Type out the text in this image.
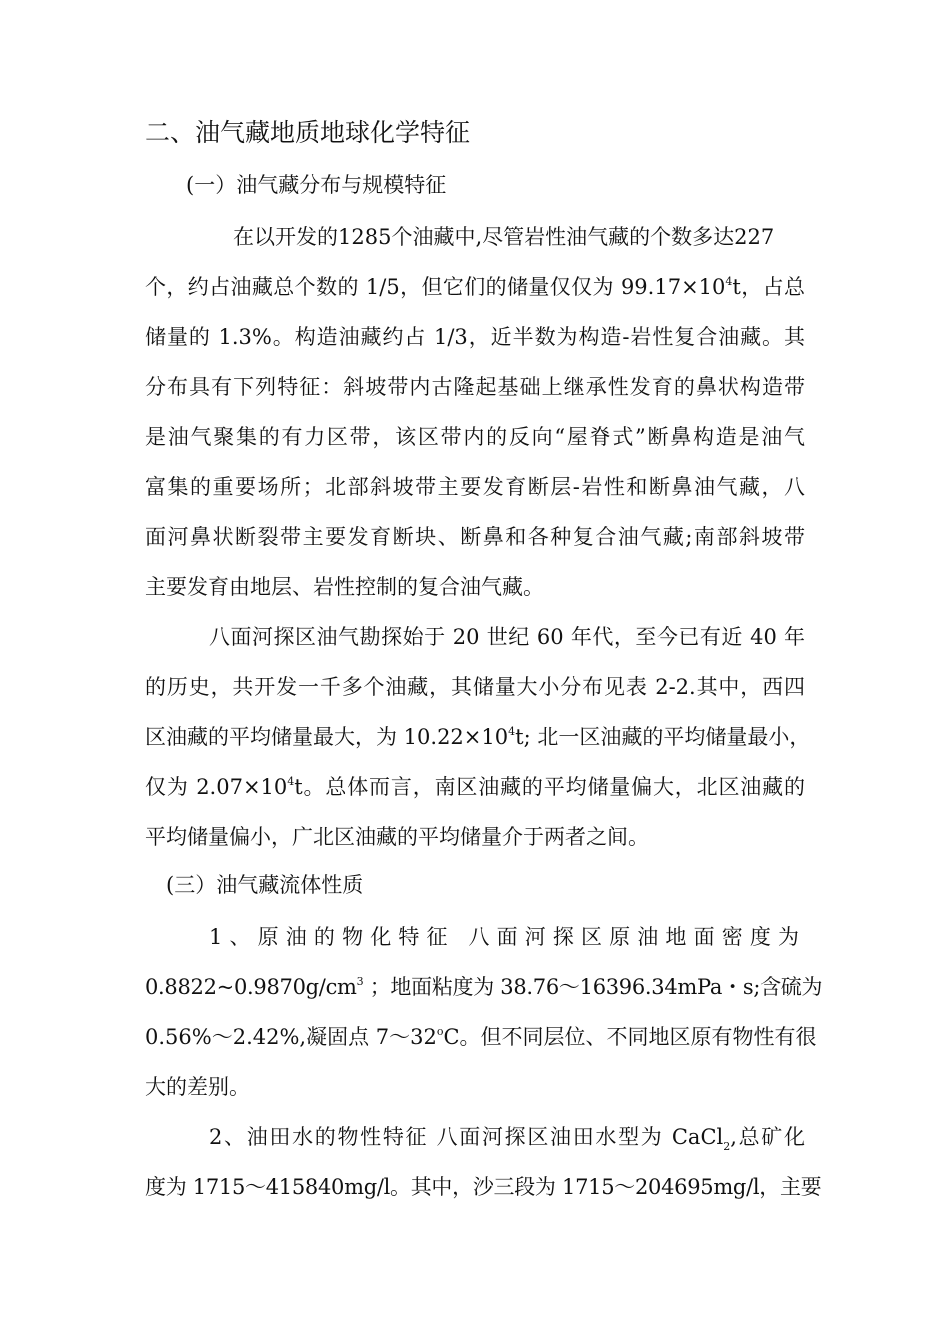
二、油气藏地质地球化学特征
(一）油气藏分布与规模特征
在以开发的1285个油藏中,尽管岩性油气藏的个数多达227
个，约占油藏总个数的 1/5，但它们的储量仅仅为 $99.17\times 10^4t$，占总
储量的 1.3%。构造油藏约占 1/3，近半数为构造-岩性复合油藏。其
分布具有下列特征：斜坡带内古隆起基础上继承性发育的鼻状构造带
是油气聚集的有力区带，该区带内的反向“屋脊式”断鼻构造是油气
富集的重要场所；北部斜坡带主要发育断层-岩性和断鼻油气藏，八
面河鼻状断裂带主要发育断块、断鼻和各种复合油气藏;南部斜坡带
主要发育由地层、岩性控制的复合油气藏。
八面河探区油气勘探始于 20 世纪 60 年代，至今已有近 40 年
的历史，共开发一千多个油藏，其储量大小分布见表 2-2.其中，西四
区油藏的平均储量最大，为 $10.22\times 10^4t$; 北一区油藏的平均储量最小，
仅为 $2.07\times 10^4t$。总体而言，南区油藏的平均储量偏大，北区油藏的
平均储量偏小，广北区油藏的平均储量介于两者之间。
(三）油气藏流体性质
1、原油的物化特征 八面河探区原油地面密度为
$0.8822\sim 0.9870g/cm^3$ ；地面粘度为 38.76～16396.34mPa・s;含硫为
0.56%～2.42%,凝固点 7～32$^o$C。但不同层位、不同地区原有物性有很
大的差别。
2、油田水的物性特征 八面河探区油田水型为 CaCl$_2$,总矿化
度为 1715～415840mg/l。其中，沙三段为 1715～204695mg/l，主要
